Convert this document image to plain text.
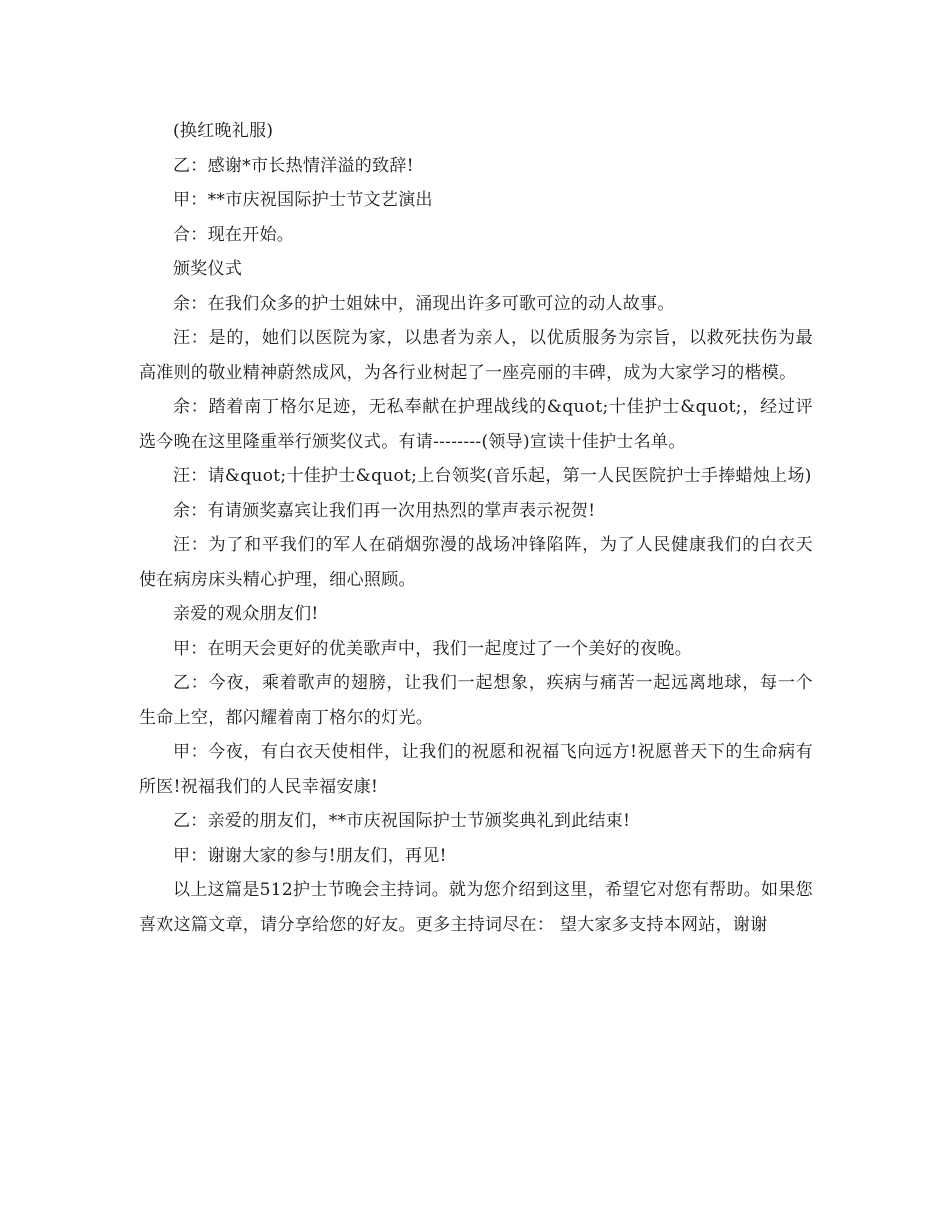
(换红晚礼服)

乙：感谢*市长热情洋溢的致辞!

甲：**市庆祝国际护士节文艺演出

合：现在开始。

颁奖仪式

余：在我们众多的护士姐妹中，涌现出许多可歌可泣的动人故事。

汪：是的，她们以医院为家，以患者为亲人，以优质服务为宗旨，以救死扶伤为最高准则的敬业精神蔚然成风，为各行业树起了一座亮丽的丰碑，成为大家学习的楷模。

余：踏着南丁格尔足迹，无私奉献在护理战线的&quot;十佳护士&quot;，经过评选今晚在这里隆重举行颁奖仪式。有请--------(领导)宣读十佳护士名单。

汪：请&quot;十佳护士&quot;上台领奖(音乐起，第一人民医院护士手捧蜡烛上场)

余：有请颁奖嘉宾让我们再一次用热烈的掌声表示祝贺!

汪：为了和平我们的军人在硝烟弥漫的战场冲锋陷阵，为了人民健康我们的白衣天使在病房床头精心护理，细心照顾。

亲爱的观众朋友们!

甲：在明天会更好的优美歌声中，我们一起度过了一个美好的夜晚。

乙：今夜，乘着歌声的翅膀，让我们一起想象，疾病与痛苦一起远离地球，每一个生命上空，都闪耀着南丁格尔的灯光。

甲：今夜，有白衣天使相伴，让我们的祝愿和祝福飞向远方!祝愿普天下的生命病有所医!祝福我们的人民幸福安康!

乙：亲爱的朋友们，**市庆祝国际护士节颁奖典礼到此结束!

甲：谢谢大家的参与!朋友们，再见!

以上这篇是512护士节晚会主持词。就为您介绍到这里，希望它对您有帮助。如果您喜欢这篇文章，请分享给您的好友。更多主持词尽在： 望大家多支持本网站，谢谢
